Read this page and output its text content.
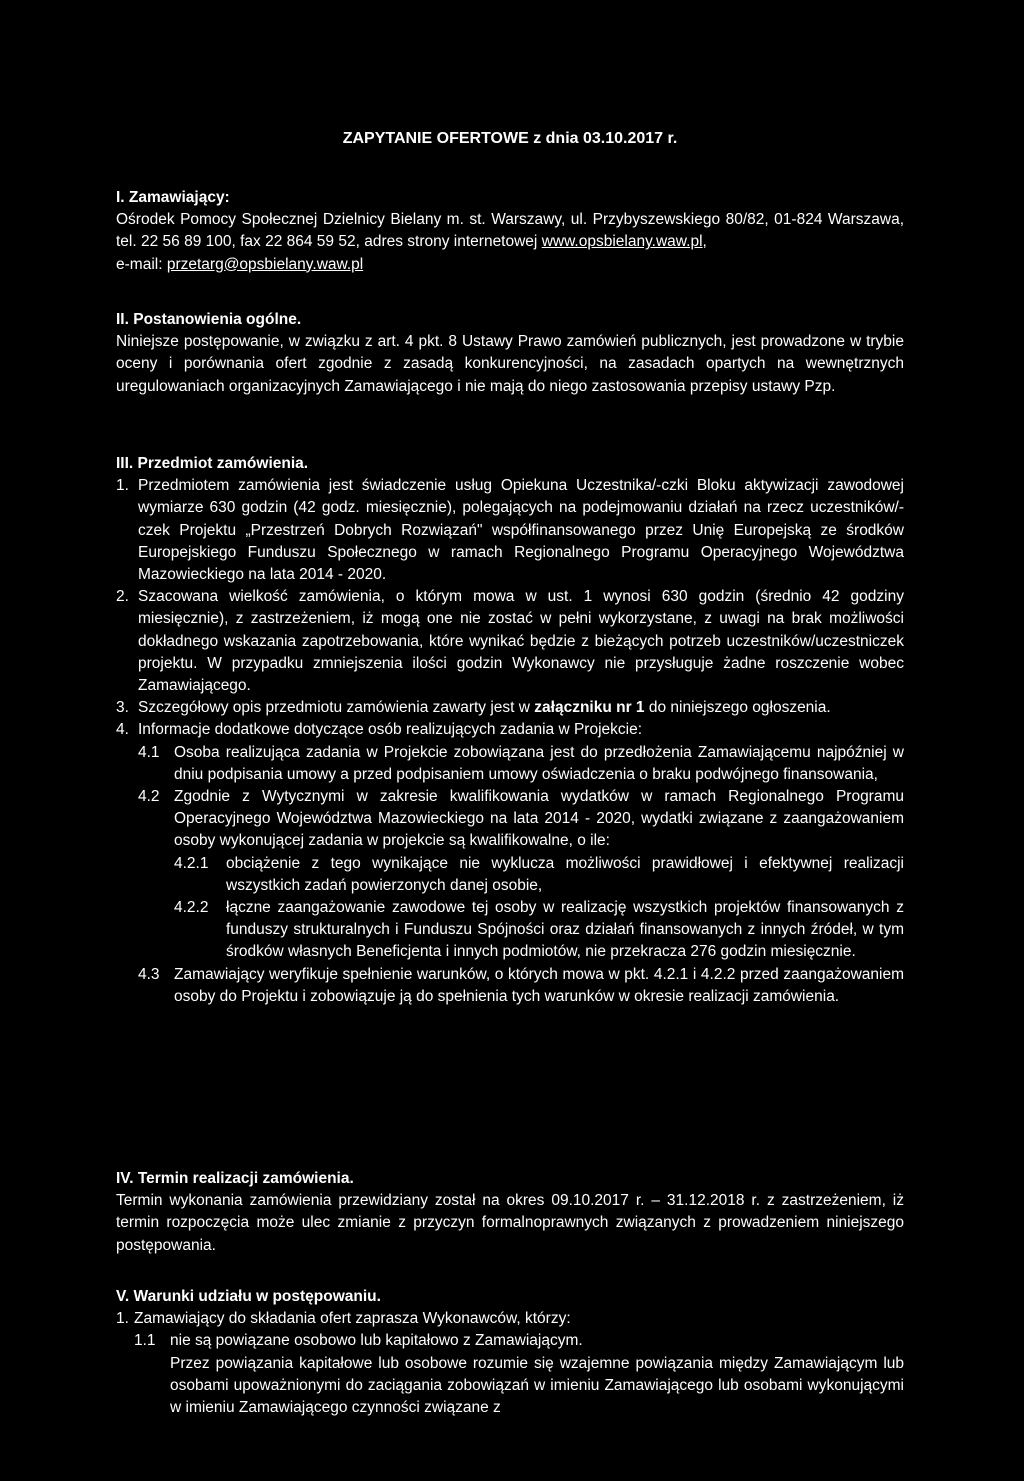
ZAPYTANIE OFERTOWE z dnia 03.10.2017 r.
I. Zamawiający:
Ośrodek Pomocy Społecznej Dzielnicy Bielany m. st. Warszawy, ul. Przybyszewskiego 80/82, 01-824 Warszawa, tel. 22 56 89 100, fax 22 864 59 52, adres strony internetowej www.opsbielany.waw.pl,
e-mail: przetarg@opsbielany.waw.pl
II. Postanowienia ogólne.
Niniejsze postępowanie, w związku z art. 4 pkt. 8 Ustawy Prawo zamówień publicznych, jest prowadzone w trybie oceny i porównania ofert zgodnie z zasadą konkurencyjności, na zasadach opartych na wewnętrznych uregulowaniach organizacyjnych Zamawiającego i nie mają do niego zastosowania przepisy ustawy Pzp.
III. Przedmiot zamówienia.
1. Przedmiotem zamówienia jest świadczenie usług Opiekuna Uczestnika/-czki Bloku aktywizacji zawodowej wymiarze 630 godzin (42 godz. miesięcznie), polegających na podejmowaniu działań na rzecz uczestników/-czek Projektu „Przestrzeń Dobrych Rozwiązań" współfinansowanego przez Unię Europejską ze środków Europejskiego Funduszu Społecznego w ramach Regionalnego Programu Operacyjnego Województwa Mazowieckiego na lata 2014 - 2020.
2. Szacowana wielkość zamówienia, o którym mowa w ust. 1 wynosi 630 godzin (średnio 42 godziny miesięcznie), z zastrzeżeniem, iż mogą one nie zostać w pełni wykorzystane, z uwagi na brak możliwości dokładnego wskazania zapotrzebowania, które wynikać będzie z bieżących potrzeb uczestników/uczestniczek projektu. W przypadku zmniejszenia ilości godzin Wykonawcy nie przysługuje żadne roszczenie wobec Zamawiającego.
3. Szczegółowy opis przedmiotu zamówienia zawarty jest w załączniku nr 1 do niniejszego ogłoszenia.
4. Informacje dodatkowe dotyczące osób realizujących zadania w Projekcie:
4.1 Osoba realizująca zadania w Projekcie zobowiązana jest do przedłożenia Zamawiającemu najpóźniej w dniu podpisania umowy a przed podpisaniem umowy oświadczenia o braku podwójnego finansowania,
4.2 Zgodnie z Wytycznymi w zakresie kwalifikowania wydatków w ramach Regionalnego Programu Operacyjnego Województwa Mazowieckiego na lata 2014 - 2020, wydatki związane z zaangażowaniem osoby wykonującej zadania w projekcie są kwalifikowalne, o ile:
4.2.1	obciążenie z tego wynikające nie wyklucza możliwości prawidłowej i efektywnej realizacji wszystkich zadań powierzonych danej osobie,
4.2.2	łączne zaangażowanie zawodowe tej osoby w realizację wszystkich projektów finansowanych z funduszy strukturalnych i Funduszu Spójności oraz działań finansowanych z innych źródeł, w tym środków własnych Beneficjenta i innych podmiotów, nie przekracza 276 godzin miesięcznie.
4.3 Zamawiający weryfikuje spełnienie warunków, o których mowa w pkt. 4.2.1 i 4.2.2 przed zaangażowaniem osoby do Projektu i zobowiązuje ją do spełnienia tych warunków w okresie realizacji zamówienia.
IV. Termin realizacji zamówienia.
Termin wykonania zamówienia przewidziany został na okres 09.10.2017 r. – 31.12.2018 r. z zastrzeżeniem, iż termin rozpoczęcia może ulec zmianie z przyczyn formalnoprawnych związanych z prowadzeniem niniejszego postępowania.
V. Warunki udziału w postępowaniu.
1. Zamawiający do składania ofert zaprasza Wykonawców, którzy:
1.1 nie są powiązane osobowo lub kapitałowo z Zamawiającym.
Przez powiązania kapitałowe lub osobowe rozumie się wzajemne powiązania między Zamawiającym lub osobami upoważnionymi do zaciągania zobowiązań w imieniu Zamawiającego lub osobami wykonującymi w imieniu Zamawiającego czynności związane z
